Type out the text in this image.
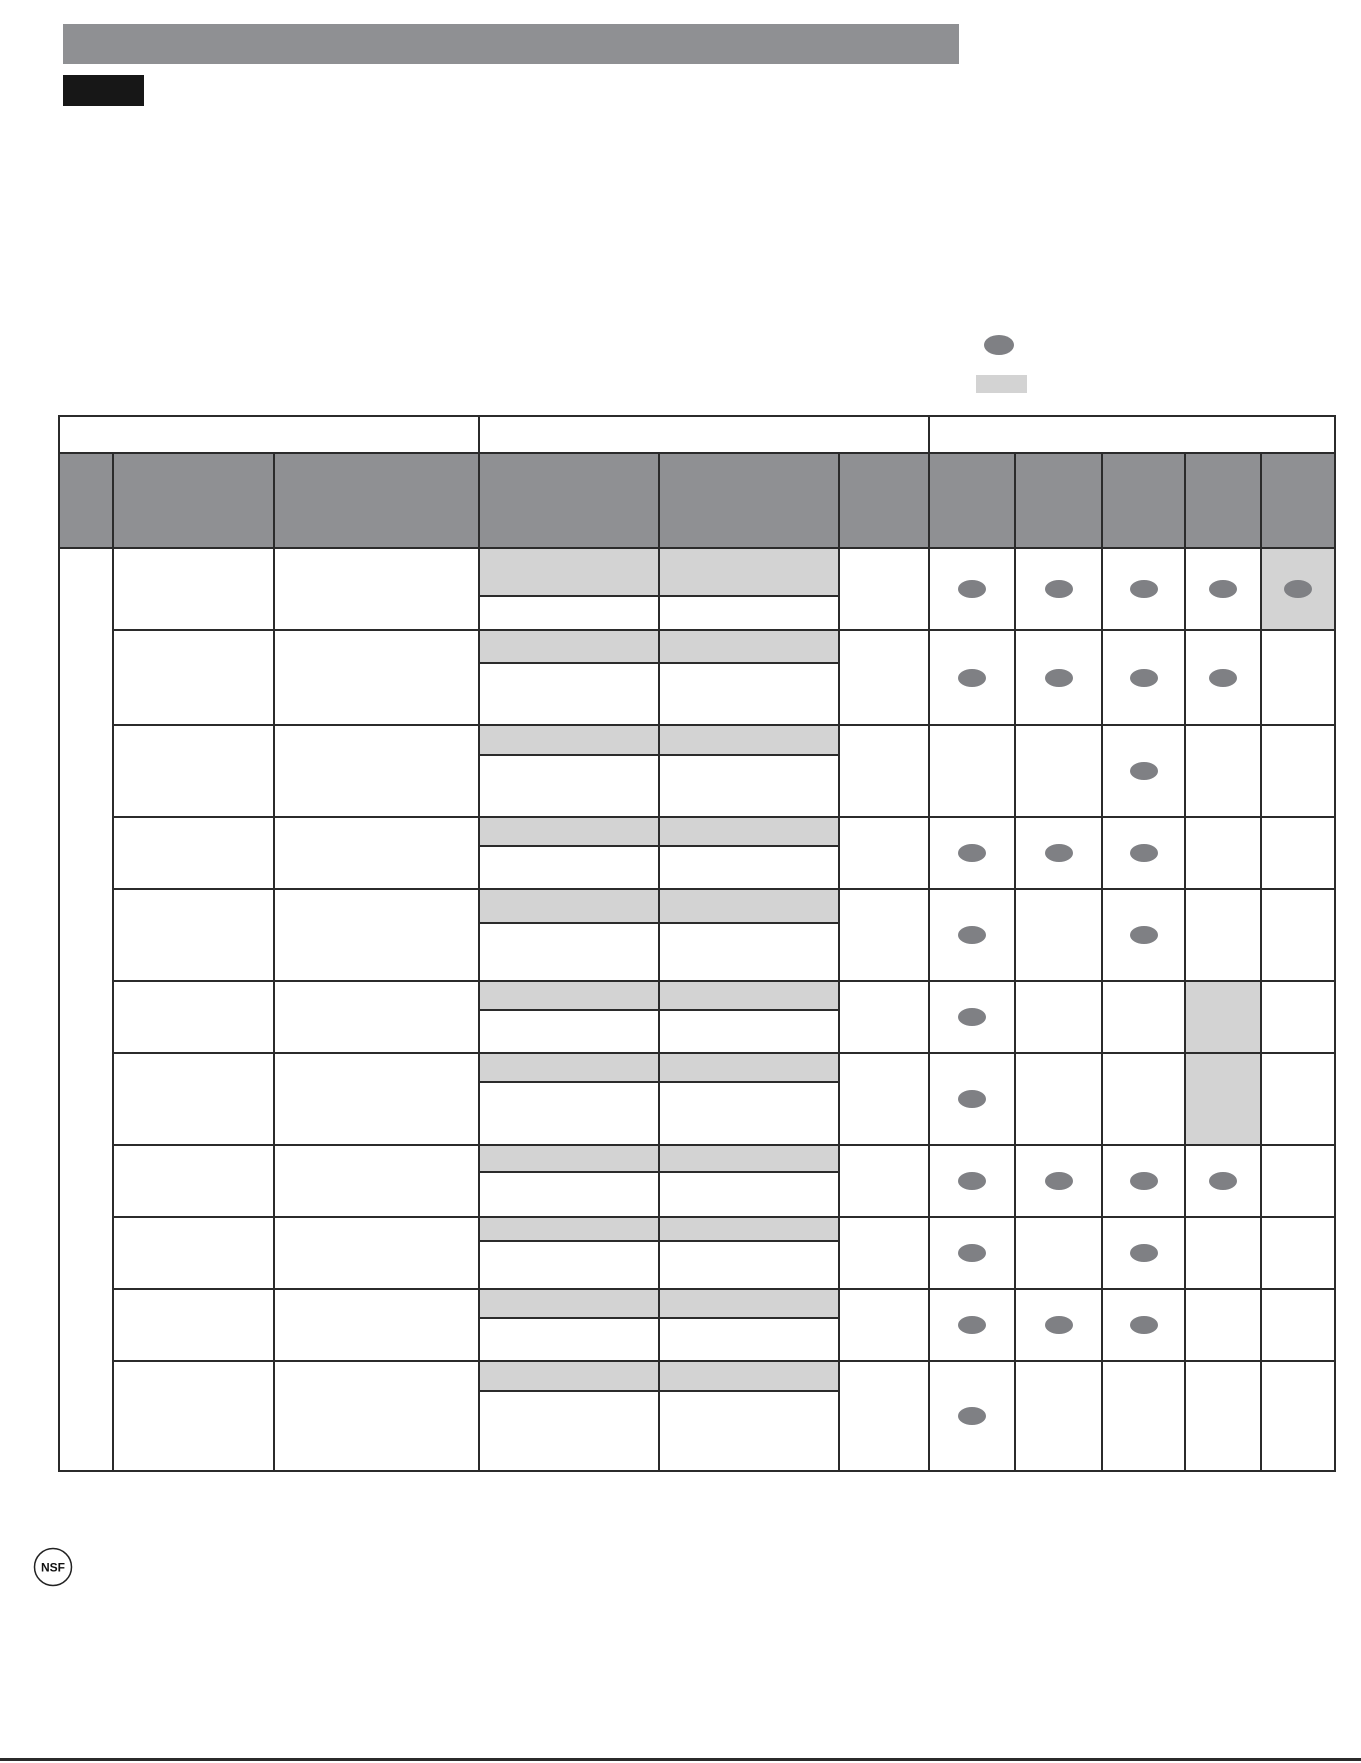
NSF
